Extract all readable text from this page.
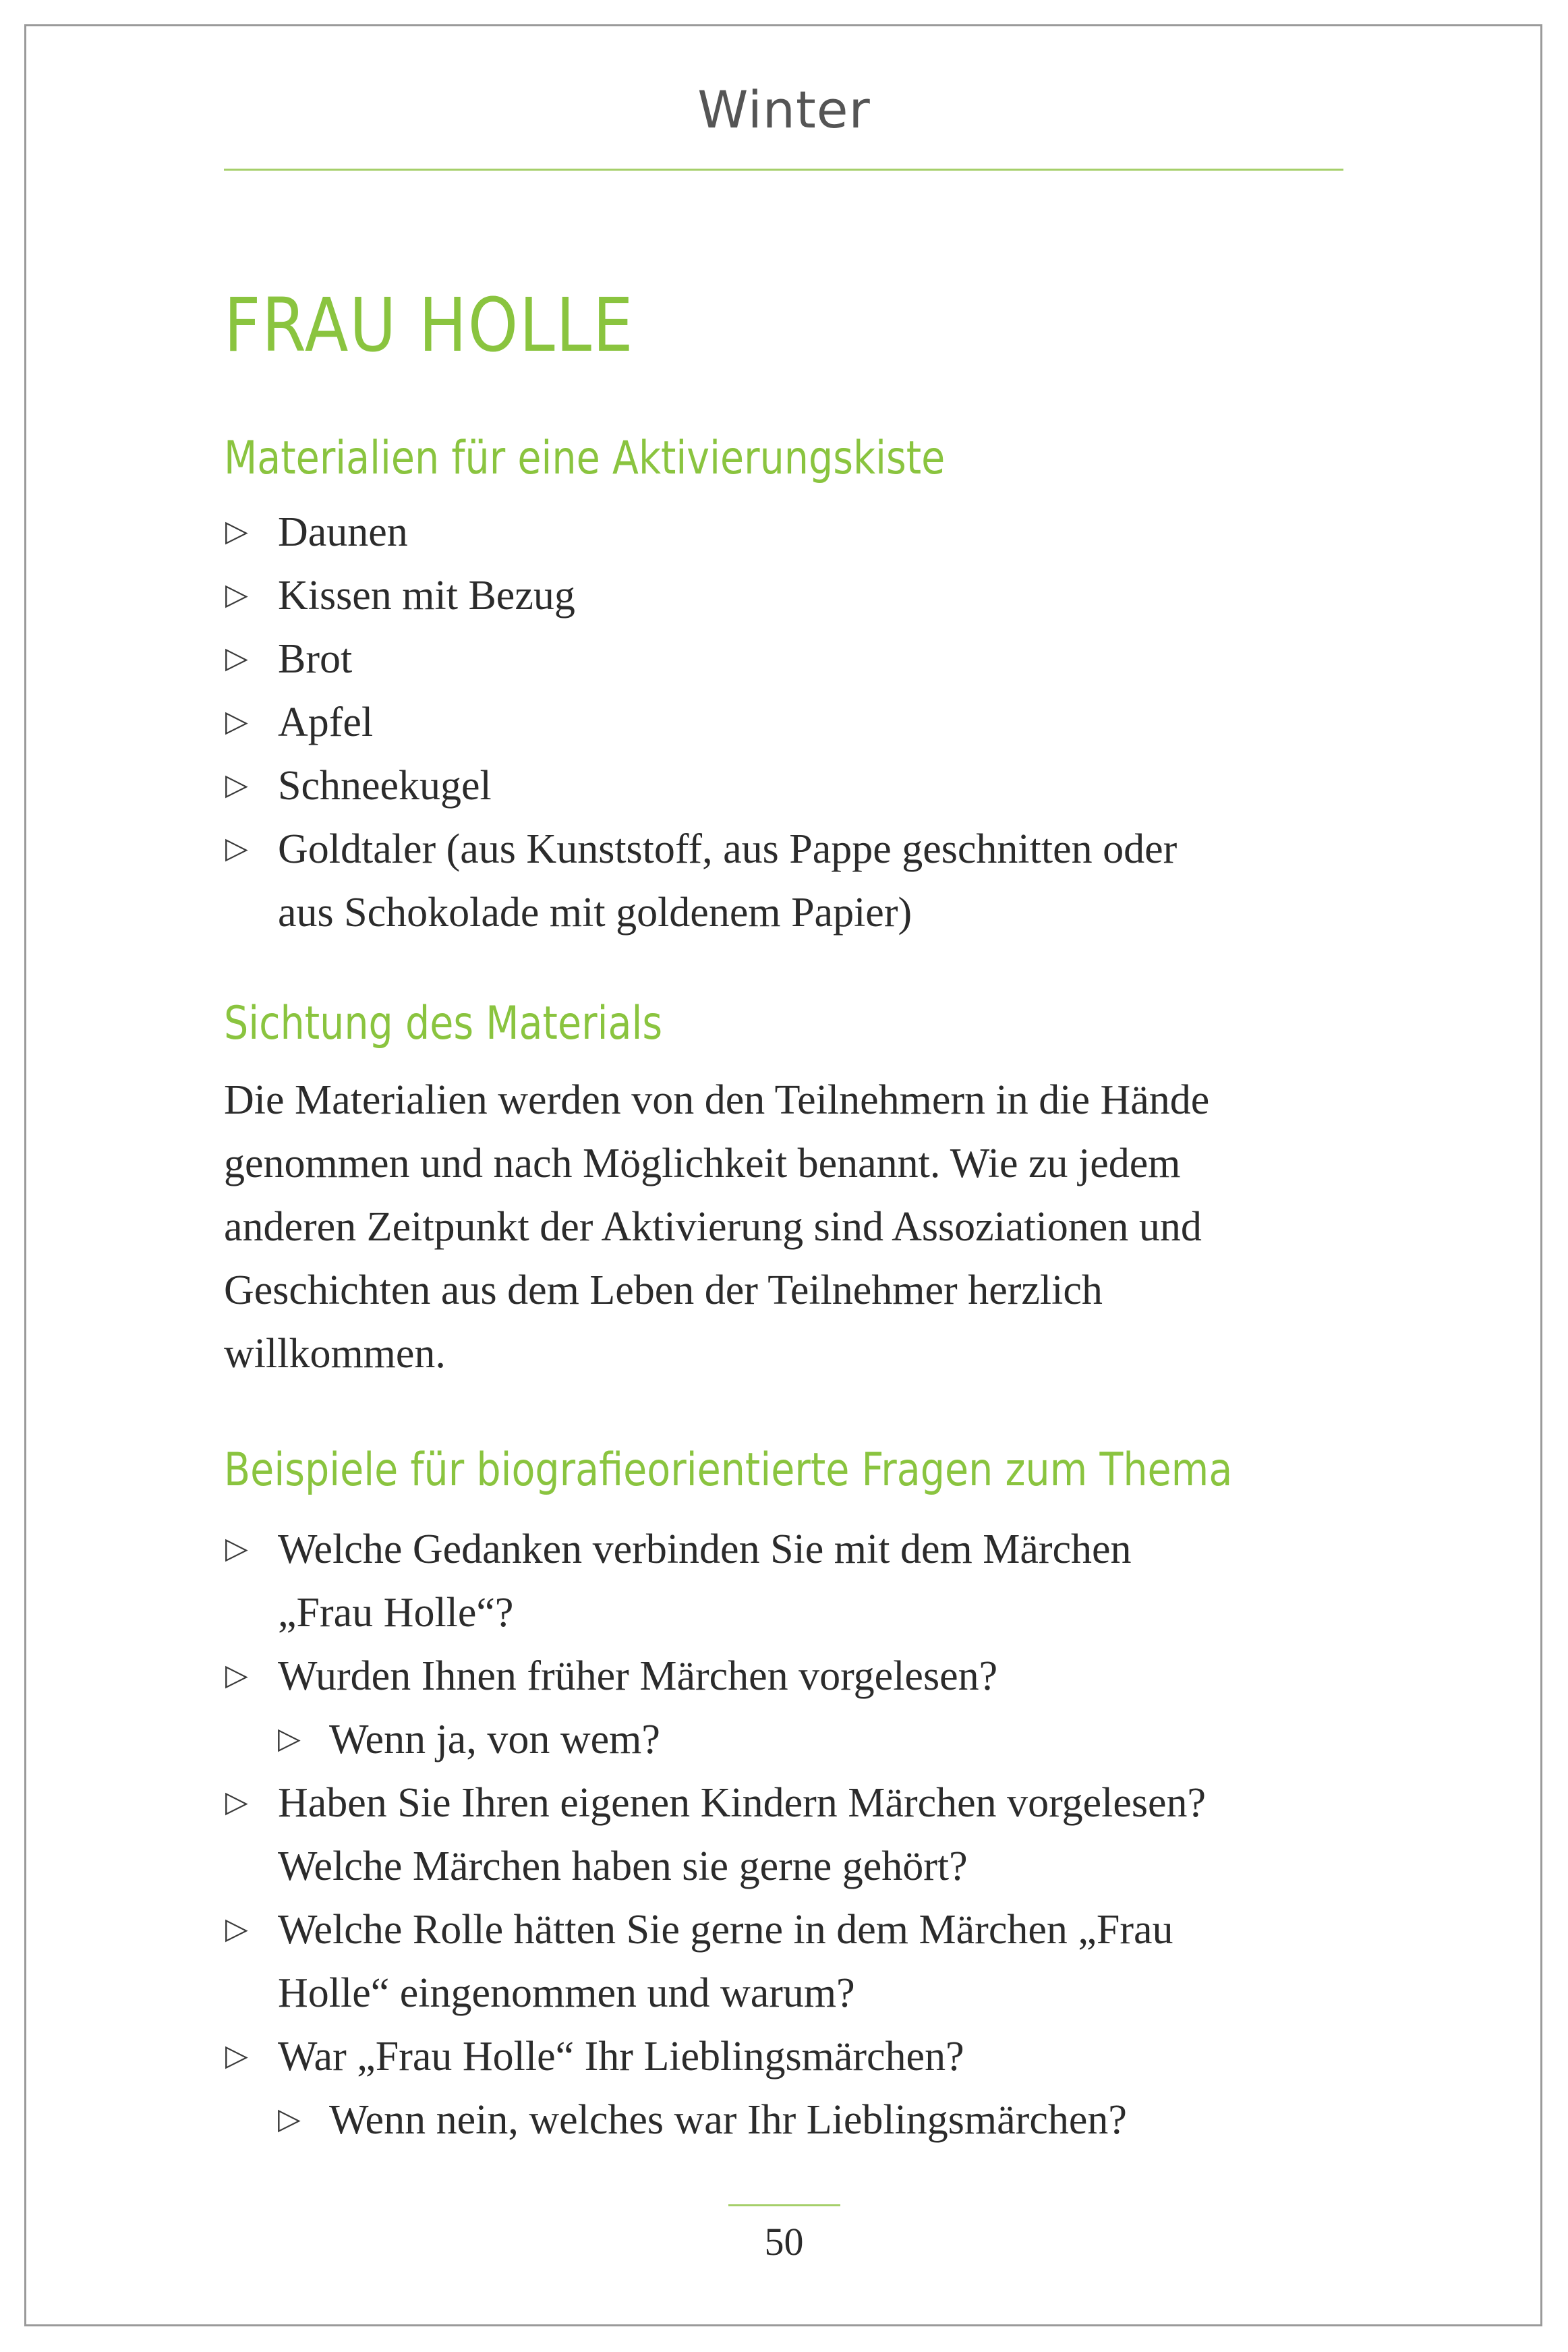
Winter
FRAU HOLLE
Materialien für eine Aktivierungskiste
▷ Daunen
▷ Kissen mit Bezug
▷ Brot
▷ Apfel
▷ Schneekugel
▷ Goldtaler (aus Kunststoff, aus Pappe geschnitten oder
aus Schokolade mit goldenem Papier)
Sichtung des Materials
Die Materialien werden von den Teilnehmern in die Hände
genommen und nach Möglichkeit benannt. Wie zu jedem
anderen Zeitpunkt der Aktivierung sind Assoziationen und
Geschichten aus dem Leben der Teilnehmer herzlich
willkommen.
Beispiele für biografieorientierte Fragen zum Thema
▷ Welche Gedanken verbinden Sie mit dem Märchen
„Frau Holle“?
▷ Wurden Ihnen früher Märchen vorgelesen?
▷ Wenn ja, von wem?
▷ Haben Sie Ihren eigenen Kindern Märchen vorgelesen?
Welche Märchen haben sie gerne gehört?
▷ Welche Rolle hätten Sie gerne in dem Märchen „Frau
Holle“ eingenommen und warum?
▷ War „Frau Holle“ Ihr Lieblingsmärchen?
▷ Wenn nein, welches war Ihr Lieblingsmärchen?
50
